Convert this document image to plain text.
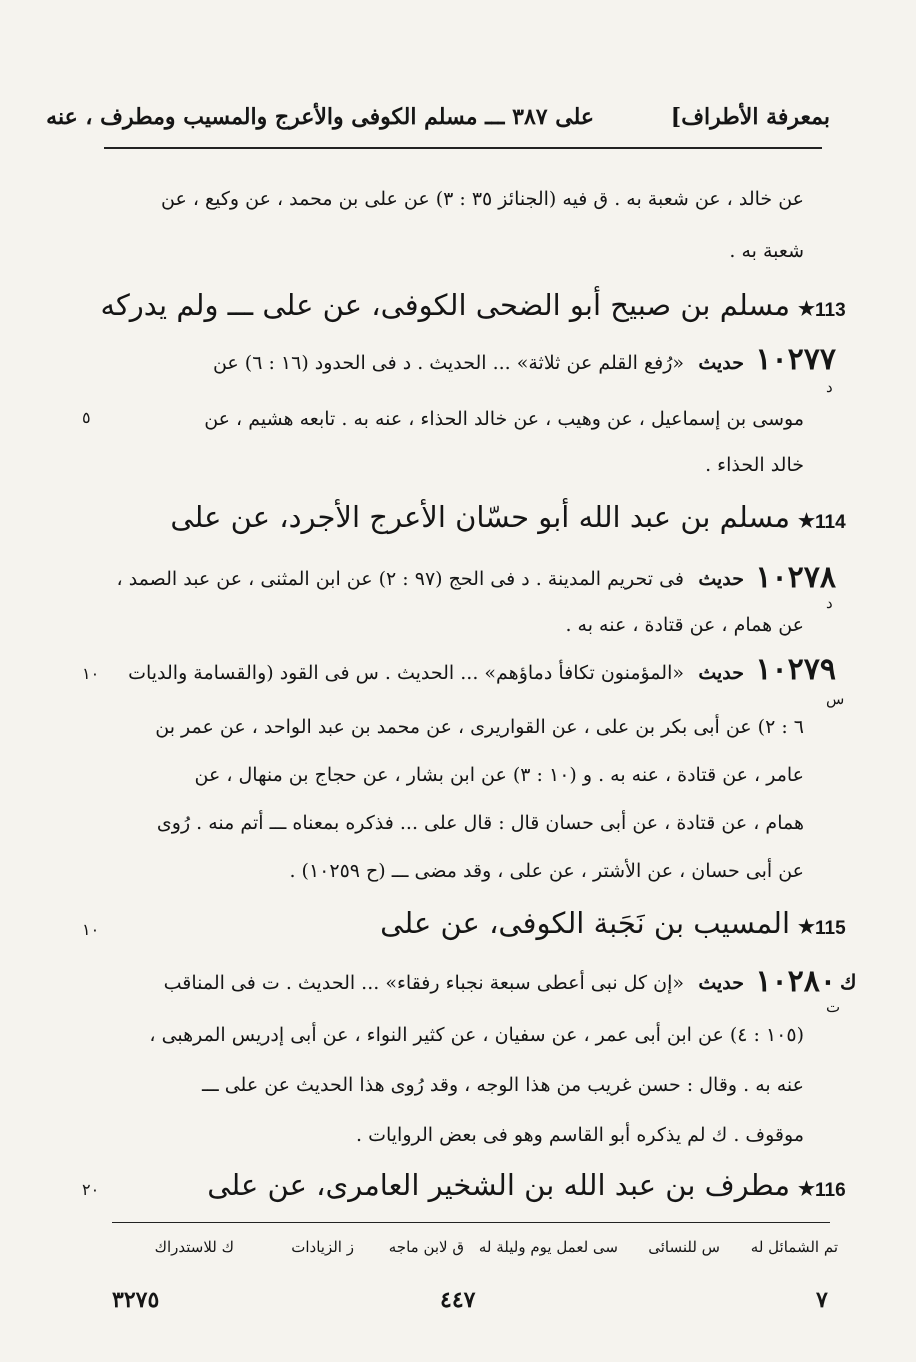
بمعرفة الأطراف]
على ٣٨٧ ـــ مسلم الكوفى والأعرج والمسيب ومطرف ، عنه
عن خالد ، عن شعبة به . ق فيه (الجنائز ٣٥ : ٣) عن على بن محمد ، عن وكيع ، عن
شعبة به .
113
★
مسلم بن صبيح أبو الضحى الكوفى، عن على ـــ ولم يدركه
١٠٢٧٧
د
حديث
«رُفع القلم عن ثلاثة» ... الحديث . د فى الحدود (١٦ : ٦) عن
موسى بن إسماعيل ، عن وهيب ، عن خالد الحذاء ، عنه به . تابعه هشيم ، عن
خالد الحذاء .
٥
114
★
مسلم بن عبد الله أبو حسّان الأعرج الأجرد، عن على
١٠٢٧٨
د
حديث
فى تحريم المدينة . د فى الحج (٩٧ : ٢) عن ابن المثنى ، عن عبد الصمد ،
عن همام ، عن قتادة ، عنه به .
١٠٢٧٩
س
حديث
«المؤمنون تكافأ دماؤهم» ... الحديث . س فى القود (والقسامة والديات
٦ : ٢) عن أبى بكر بن على ، عن القواريرى ، عن محمد بن عبد الواحد ، عن عمر بن
عامر ، عن قتادة ، عنه به . و (١٠ : ٣) عن ابن بشار ، عن حجاج بن منهال ، عن
همام ، عن قتادة ، عن أبى حسان قال : قال على ... فذكره بمعناه ـــ أتم منه . رُوى
عن أبى حسان ، عن الأشتر ، عن على ، وقد مضى ـــ (ح ١٠٢٥٩) .
١٠
115
★
المسيب بن نَجَبة الكوفى، عن على
١٠
١٠٢٨٠ ك
ت
حديث
«إن كل نبى أعطى سبعة نجباء رفقاء» ... الحديث . ت فى المناقب
(١٠٥ : ٤) عن ابن أبى عمر ، عن سفيان ، عن كثير النواء ، عن أبى إدريس المرهبى ،
عنه به . وقال : حسن غريب من هذا الوجه ، وقد رُوى هذا الحديث عن على ـــ
موقوف . ك لم يذكره أبو القاسم وهو فى بعض الروايات .
116
★
مطرف بن عبد الله بن الشخير العامرى، عن على
٢٠
تم الشمائل له
س للنسائى
سى لعمل يوم وليلة له
ق لابن ماجه
ز الزيادات
ك للاستدراك
٧
٤٤٧
٣٢٧٥
